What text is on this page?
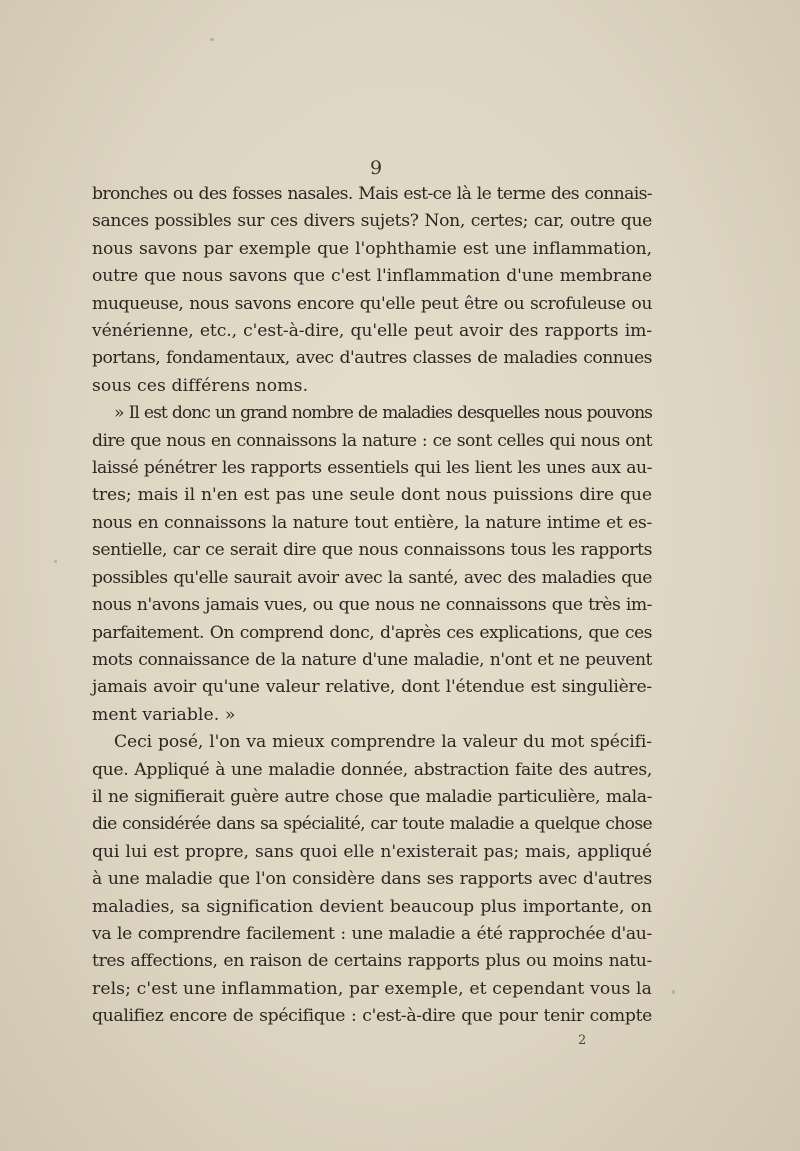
9
bronches ou des fosses nasales. Mais est-ce là le terme des connais-
sances possibles sur ces divers sujets? Non, certes; car, outre que
nous savons par exemple que l'ophthamie est une inflammation,
outre que nous savons que c'est l'inflammation d'une membrane
muqueuse, nous savons encore qu'elle peut être ou scrofuleuse ou
vénérienne, etc., c'est-à-dire, qu'elle peut avoir des rapports im-
portans, fondamentaux, avec d'autres classes de maladies connues
sous ces différens noms.
» Il est donc un grand nombre de maladies desquelles nous pouvons
dire que nous en connaissons la nature : ce sont celles qui nous ont
laissé pénétrer les rapports essentiels qui les lient les unes aux au-
tres; mais il n'en est pas une seule dont nous puissions dire que
nous en connaissons la nature tout entière, la nature intime et es-
sentielle, car ce serait dire que nous connaissons tous les rapports
possibles qu'elle saurait avoir avec la santé, avec des maladies que
nous n'avons jamais vues, ou que nous ne connaissons que très im-
parfaitement. On comprend donc, d'après ces explications, que ces
mots connaissance de la nature d'une maladie, n'ont et ne peuvent
jamais avoir qu'une valeur relative, dont l'étendue est singulière-
ment variable. »
Ceci posé, l'on va mieux comprendre la valeur du mot spécifi-
que. Appliqué à une maladie donnée, abstraction faite des autres,
il ne signifierait guère autre chose que maladie particulière, mala-
die considérée dans sa spécialité, car toute maladie a quelque chose
qui lui est propre, sans quoi elle n'existerait pas; mais, appliqué
à une maladie que l'on considère dans ses rapports avec d'autres
maladies, sa signification devient beaucoup plus importante, on
va le comprendre facilement : une maladie a été rapprochée d'au-
tres affections, en raison de certains rapports plus ou moins natu-
rels; c'est une inflammation, par exemple, et cependant vous la
qualifiez encore de spécifique : c'est-à-dire que pour tenir compte
2
